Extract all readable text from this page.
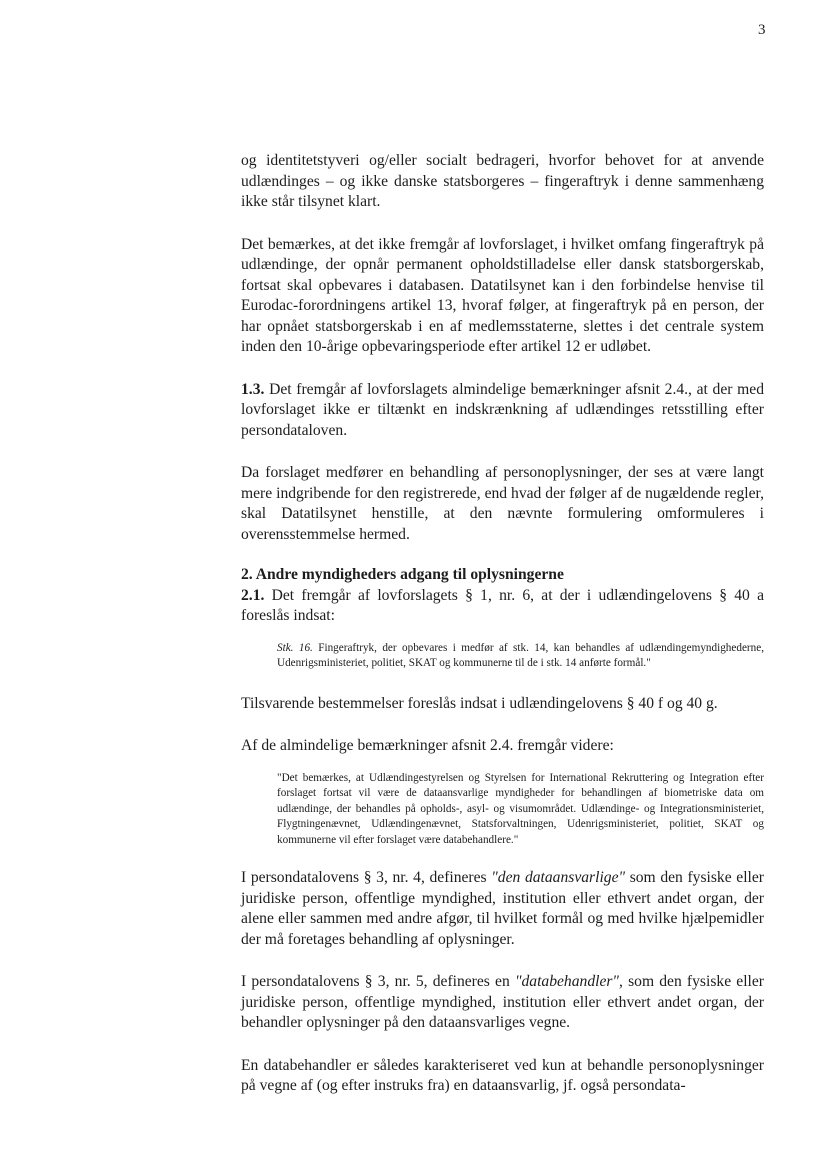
3

og identitetstyveri og/eller socialt bedrageri, hvorfor behovet for at anvende udlændinges – og ikke danske statsborgeres – fingeraftryk i denne sammenhæng ikke står tilsynet klart.

Det bemærkes, at det ikke fremgår af lovforslaget, i hvilket omfang fingeraftryk på udlændinge, der opnår permanent opholdstilladelse eller dansk statsborgerskab, fortsat skal opbevares i databasen. Datatilsynet kan i den forbindelse henvise til Eurodac-forordningens artikel 13, hvoraf følger, at fingeraftryk på en person, der har opnået statsborgerskab i en af medlemsstaterne, slettes i det centrale system inden den 10-årige opbevaringsperiode efter artikel 12 er udløbet.

1.3. Det fremgår af lovforslagets almindelige bemærkninger afsnit 2.4., at der med lovforslaget ikke er tiltænkt en indskrænkning af udlændinges retsstilling efter persondataloven.

Da forslaget medfører en behandling af personoplysninger, der ses at være langt mere indgribende for den registrerede, end hvad der følger af de nugældende regler, skal Datatilsynet henstille, at den nævnte formulering omformuleres i overensstemmelse hermed.

2. Andre myndigheders adgang til oplysningerne

2.1. Det fremgår af lovforslagets § 1, nr. 6, at der i udlændingelovens § 40 a foreslås indsat:

Stk. 16. Fingeraftryk, der opbevares i medfør af stk. 14, kan behandles af udlændingemyndighederne, Udenrigsministeriet, politiet, SKAT og kommunerne til de i stk. 14 anførte formål."

Tilsvarende bestemmelser foreslås indsat i udlændingelovens § 40 f og 40 g.

Af de almindelige bemærkninger afsnit 2.4. fremgår videre:

"Det bemærkes, at Udlændingestyrelsen og Styrelsen for International Rekruttering og Integration efter forslaget fortsat vil være de dataansvarlige myndigheder for behandlingen af biometriske data om udlændinge, der behandles på opholds-, asyl- og visumområdet. Udlændinge- og Integrationsministeriet, Flygtningenævnet, Udlændingenævnet, Statsforvaltningen, Udenrigsministeriet, politiet, SKAT og kommunerne vil efter forslaget være databehandlere."

I persondatalovens § 3, nr. 4, defineres "den dataansvarlige" som den fysiske eller juridiske person, offentlige myndighed, institution eller ethvert andet organ, der alene eller sammen med andre afgør, til hvilket formål og med hvilke hjælpemidler der må foretages behandling af oplysninger.

I persondatalovens § 3, nr. 5, defineres en "databehandler", som den fysiske eller juridiske person, offentlige myndighed, institution eller ethvert andet organ, der behandler oplysninger på den dataansvarliges vegne.

En databehandler er således karakteriseret ved kun at behandle personoplysninger på vegne af (og efter instruks fra) en dataansvarlig, jf. også persondata-
